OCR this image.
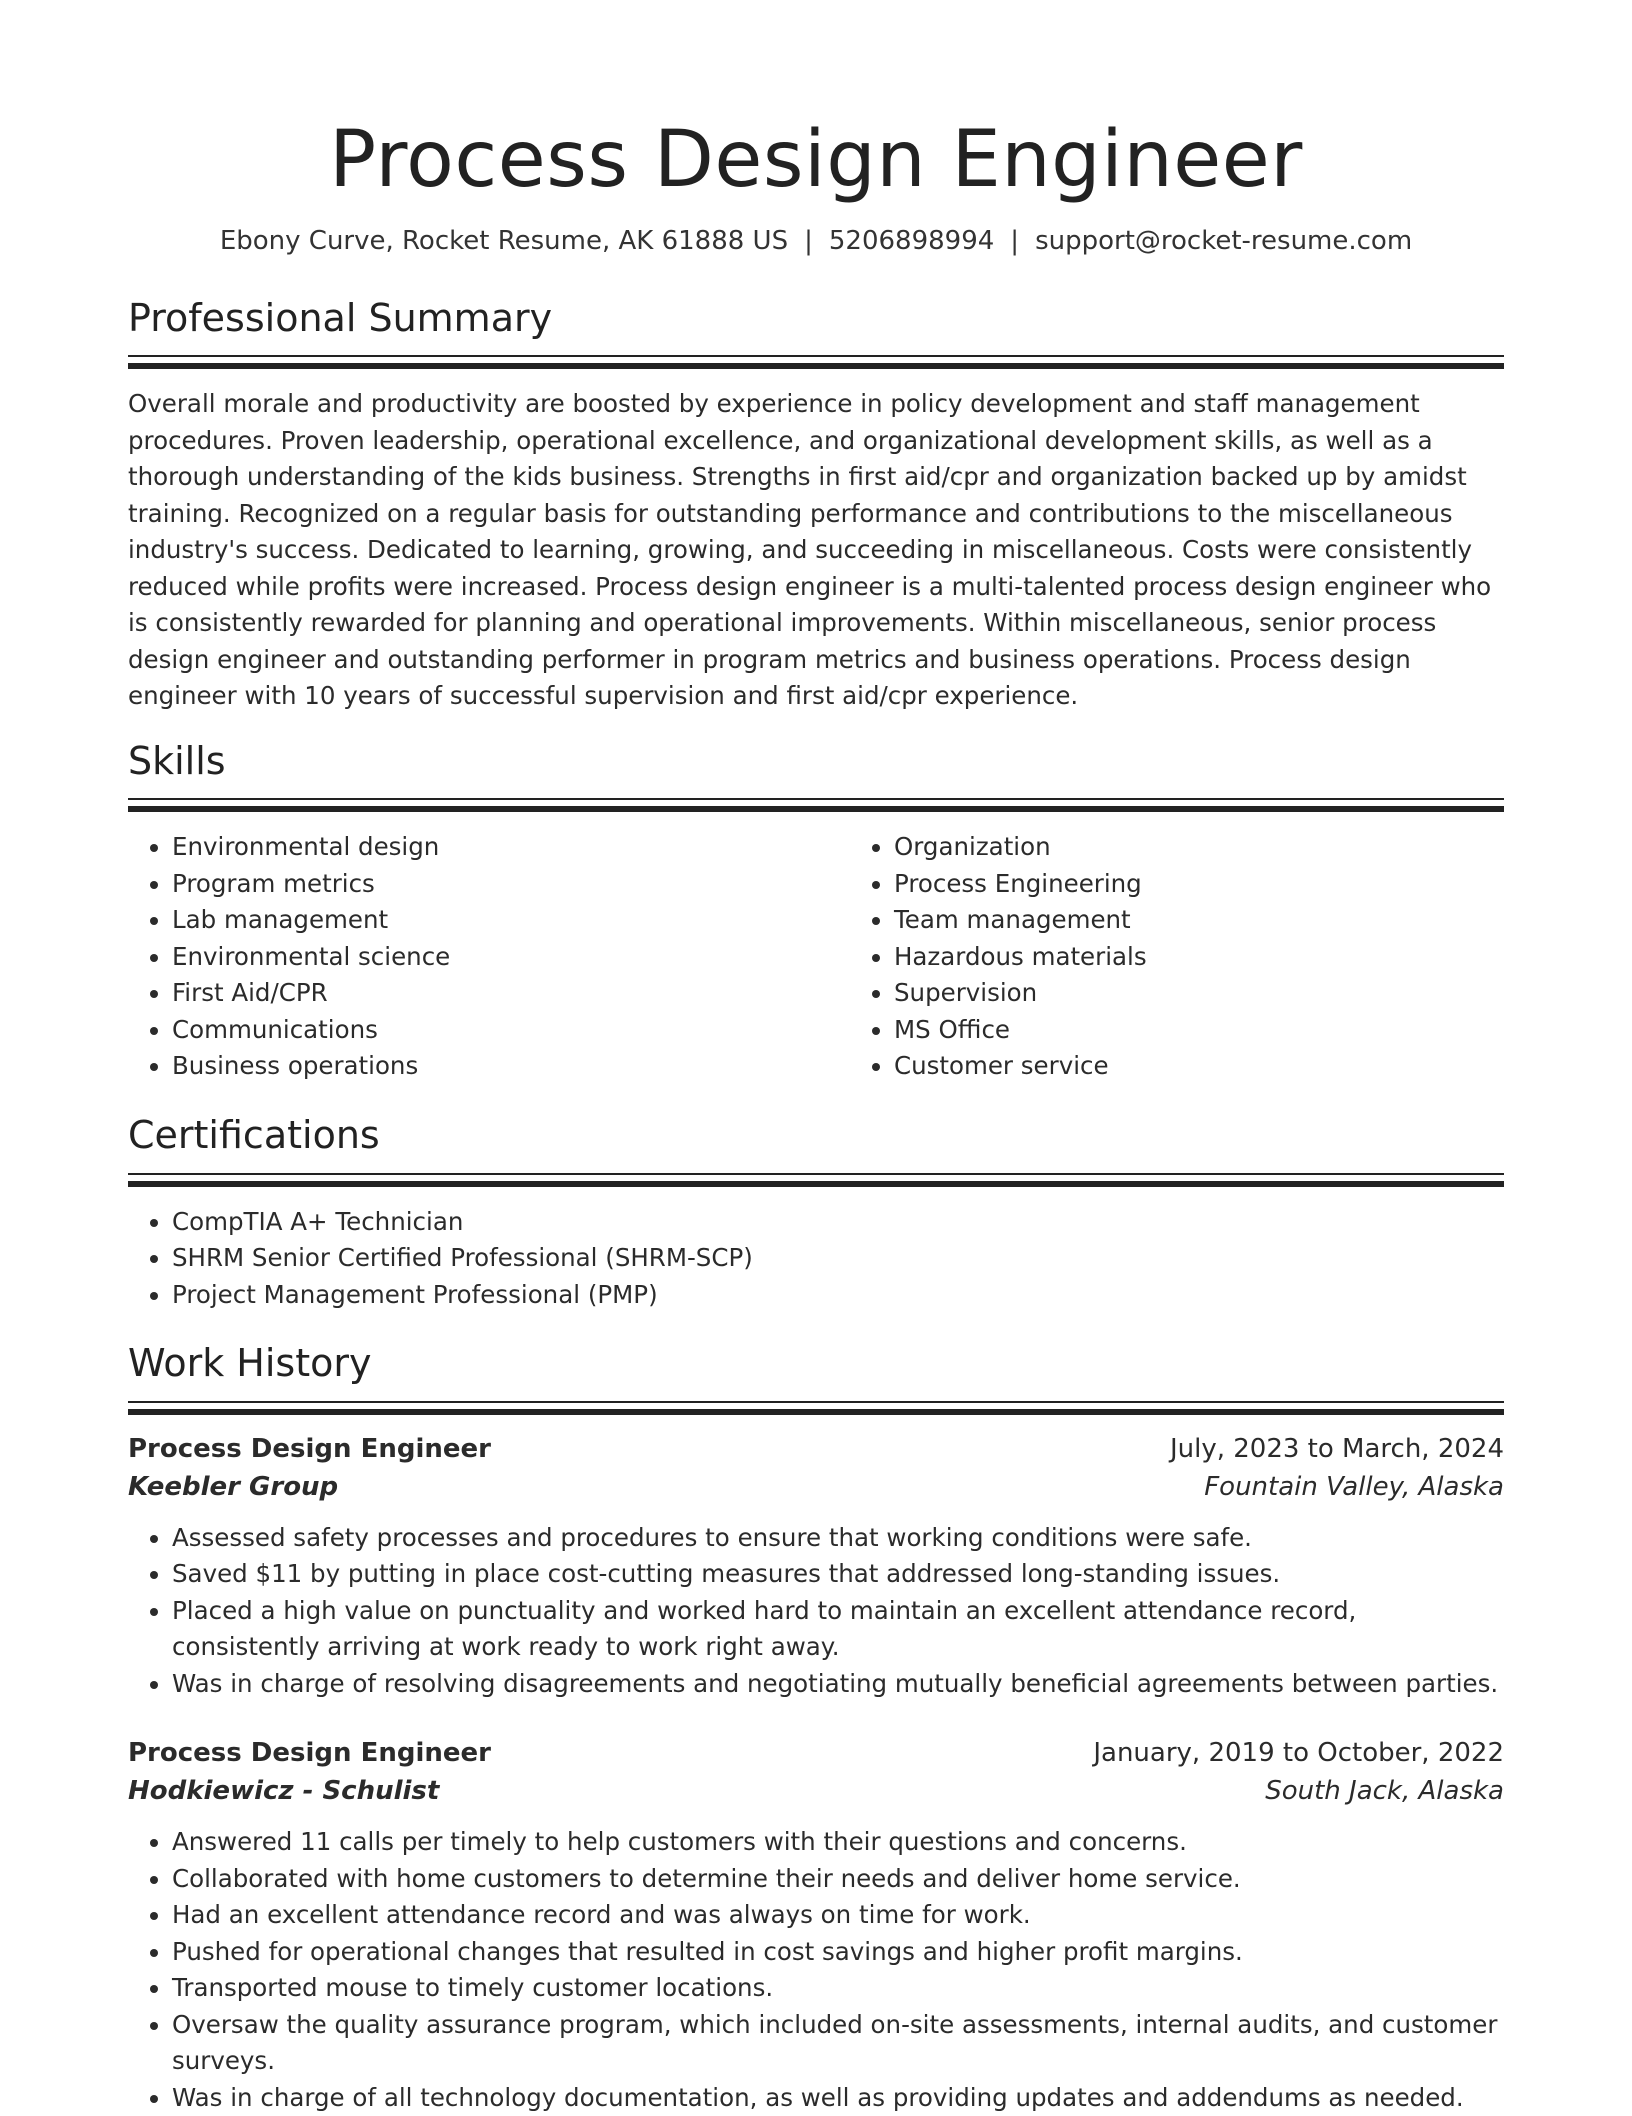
Process Design Engineer
Ebony Curve, Rocket Resume, AK 61888 US | 5206898994 | support@rocket-resume.com
Professional Summary

Overall morale and productivity are boosted by experience in policy development and staff management procedures. Proven leadership, operational excellence, and organizational development skills, as well as a thorough understanding of the kids business. Strengths in first aid/cpr and organization backed up by amidst training. Recognized on a regular basis for outstanding performance and contributions to the miscellaneous industry's success. Dedicated to learning, growing, and succeeding in miscellaneous. Costs were consistently reduced while profits were increased. Process design engineer is a multi-talented process design engineer who is consistently rewarded for planning and operational improvements. Within miscellaneous, senior process design engineer and outstanding performer in program metrics and business operations. Process design engineer with 10 years of successful supervision and first aid/cpr experience.

Skills
• Environmental design
• Program metrics
• Lab management
• Environmental science
• First Aid/CPR
• Communications
• Business operations
• Organization
• Process Engineering
• Team management
• Hazardous materials
• Supervision
• MS Office
• Customer service
Certifications
• CompTIA A+ Technician
• SHRM Senior Certified Professional (SHRM-SCP)
• Project Management Professional (PMP)
Work History
Process Design Engineer	July, 2023 to March, 2024
Keebler Group	Fountain Valley, Alaska
• Assessed safety processes and procedures to ensure that working conditions were safe.
• Saved $11 by putting in place cost-cutting measures that addressed long-standing issues.
• Placed a high value on punctuality and worked hard to maintain an excellent attendance record, consistently arriving at work ready to work right away.
• Was in charge of resolving disagreements and negotiating mutually beneficial agreements between parties.
Process Design Engineer	January, 2019 to October, 2022
Hodkiewicz - Schulist	South Jack, Alaska
• Answered 11 calls per timely to help customers with their questions and concerns.
• Collaborated with home customers to determine their needs and deliver home service.
• Had an excellent attendance record and was always on time for work.
• Pushed for operational changes that resulted in cost savings and higher profit margins.
• Transported mouse to timely customer locations.
• Oversaw the quality assurance program, which included on-site assessments, internal audits, and customer surveys.
• Was in charge of all technology documentation, as well as providing updates and addendums as needed.
